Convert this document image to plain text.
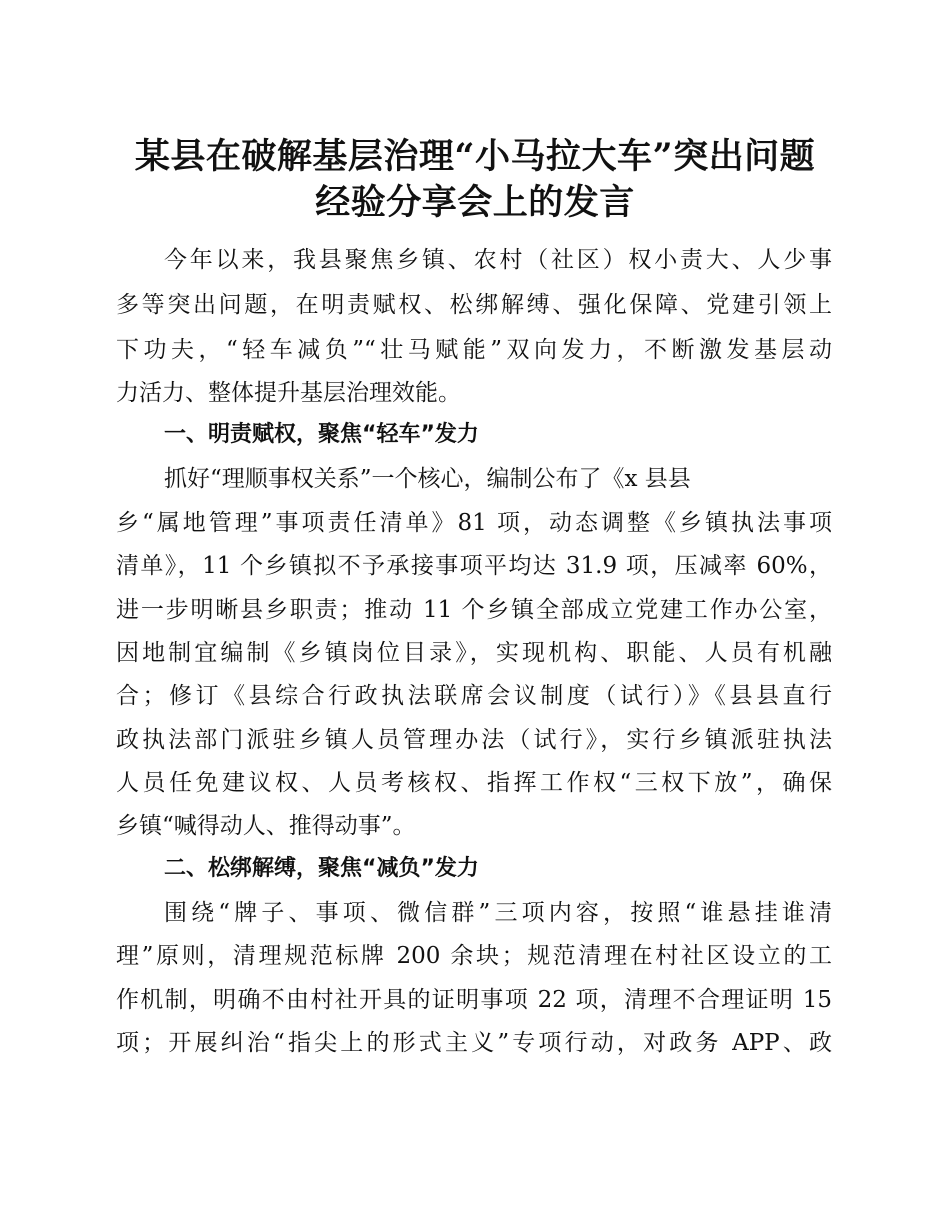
某县在破解基层治理“小马拉大车”突出问题
经验分享会上的发言

今年以来，我县聚焦乡镇、农村（社区）权小责大、人少事

多等突出问题，在明责赋权、松绑解缚、强化保障、党建引领上

下功夫，“轻车减负”“壮马赋能”双向发力，不断激发基层动

力活力、整体提升基层治理效能。

一、明责赋权，聚焦“轻车”发力

抓好“理顺事权关系”一个核心，编制公布了《x 县县

乡“属地管理”事项责任清单》81 项，动态调整《乡镇执法事项

清单》，11 个乡镇拟不予承接事项平均达 31.9 项，压减率 60%，

进一步明晰县乡职责；推动 11 个乡镇全部成立党建工作办公室，

因地制宜编制《乡镇岗位目录》，实现机构、职能、人员有机融

合；修订《县综合行政执法联席会议制度（试行）》《县县直行

政执法部门派驻乡镇人员管理办法（试行》，实行乡镇派驻执法

人员任免建议权、人员考核权、指挥工作权“三权下放”，确保

乡镇“喊得动人、推得动事”。

二、松绑解缚，聚焦“减负”发力

围绕“牌子、事项、微信群”三项内容，按照“谁悬挂谁清

理”原则，清理规范标牌 200 余块；规范清理在村社区设立的工

作机制，明确不由村社开具的证明事项 22 项，清理不合理证明 15

项；开展纠治“指尖上的形式主义”专项行动，对政务 APP、政
